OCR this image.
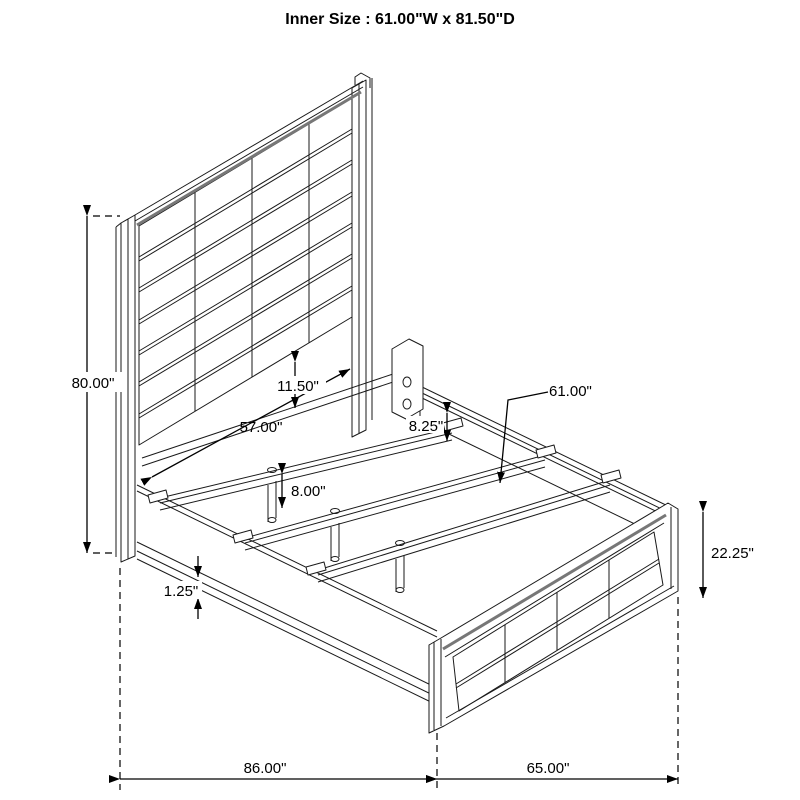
80.00"
57.00"
11.50"
8.25"
61.00"
8.00"
1.25"
22.25"
86.00"	65.00"
Inner Size : 61.00"W x 81.50"D
